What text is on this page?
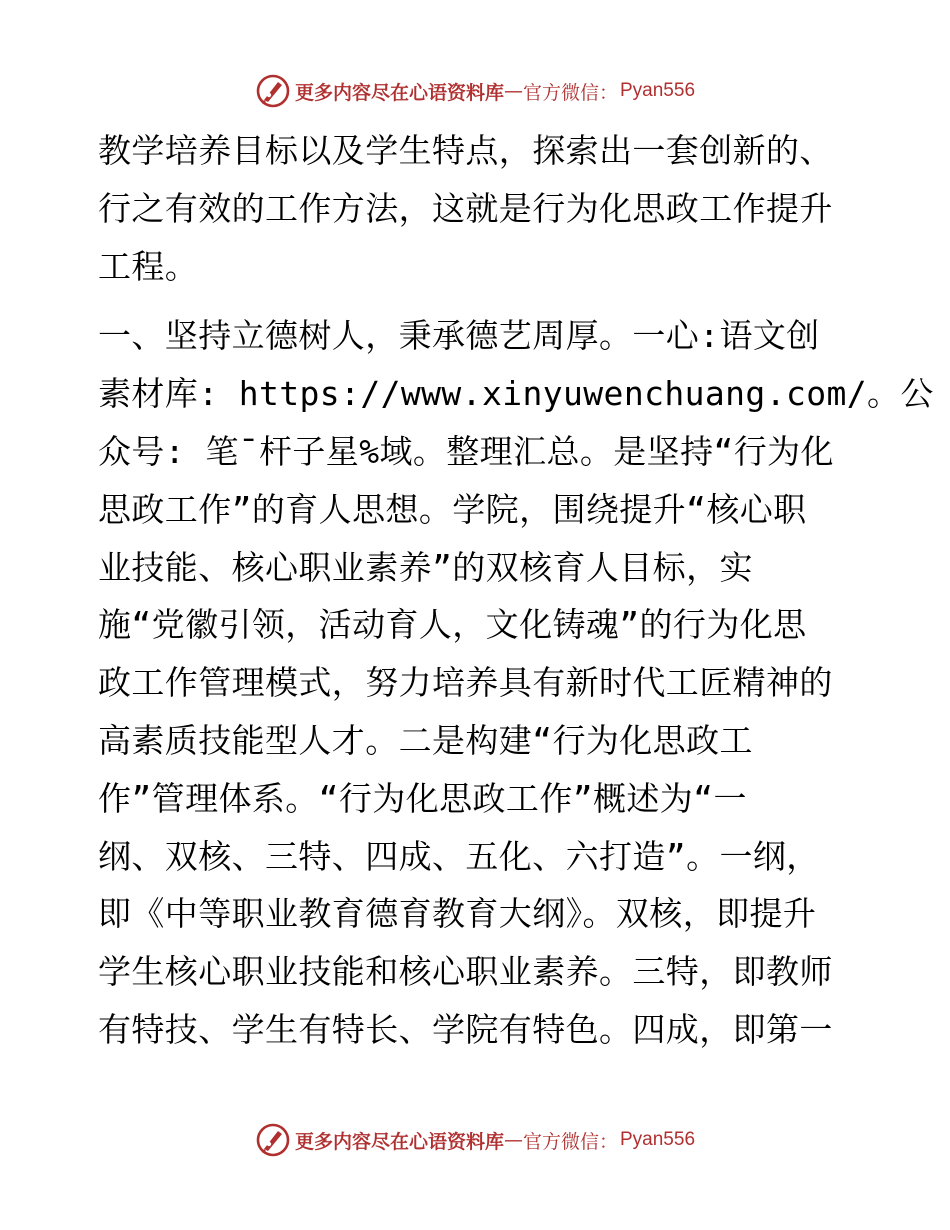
更多内容尽在心语资料库 — 官方微信： Pyan556
教学培养目标以及学生特点，探索出一套创新的、
行之有效的工作方法，这就是行为化思政工作提升
工程。
一、坚持立德树人，秉承德艺周厚。一心:语文创
素材库: https://www.xinyuwenchuang.com/。公
众号: 笔¯杆子星%域。整理汇总。是坚持“行为化
思政工作”的育人思想。学院，围绕提升“核心职
业技能、核心职业素养”的双核育人目标，实
施“党徽引领，活动育人，文化铸魂”的行为化思
政工作管理模式，努力培养具有新时代工匠精神的
高素质技能型人才。二是构建“行为化思政工
作”管理体系。“行为化思政工作”概述为“一
纲、双核、三特、四成、五化、六打造”。一纲，
即《中等职业教育德育教育大纲》。双核，即提升
学生核心职业技能和核心职业素养。三特，即教师
有特技、学生有特长、学院有特色。四成，即第一
更多内容尽在心语资料库 — 官方微信： Pyan556
